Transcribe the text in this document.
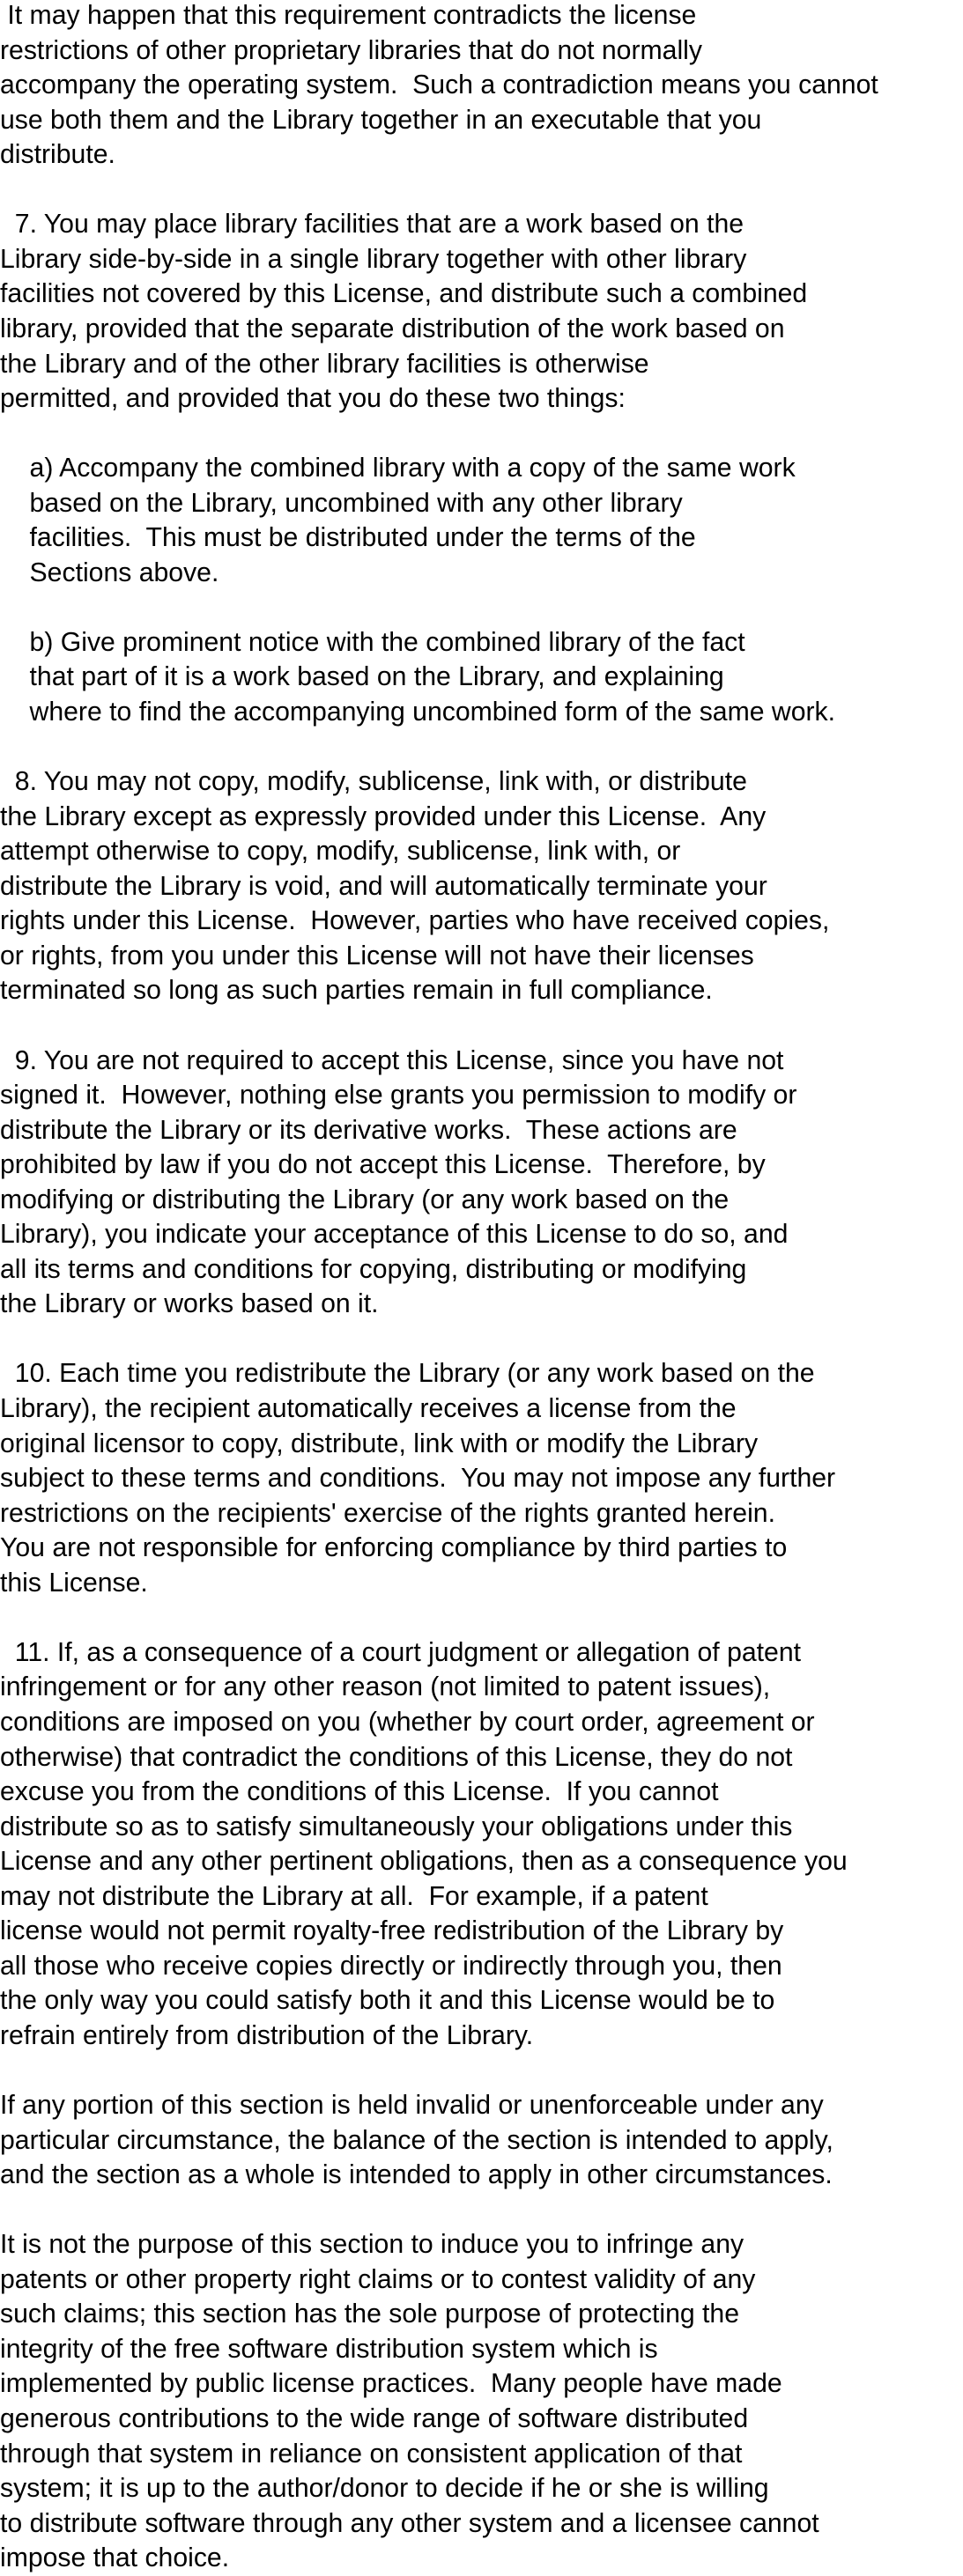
It may happen that this requirement contradicts the license
restrictions of other proprietary libraries that do not normally
accompany the operating system.  Such a contradiction means you cannot
use both them and the Library together in an executable that you
distribute.
7. You may place library facilities that are a work based on the
Library side-by-side in a single library together with other library
facilities not covered by this License, and distribute such a combined
library, provided that the separate distribution of the work based on
the Library and of the other library facilities is otherwise
permitted, and provided that you do these two things:
a) Accompany the combined library with a copy of the same work
based on the Library, uncombined with any other library
facilities.  This must be distributed under the terms of the
Sections above.
b) Give prominent notice with the combined library of the fact
that part of it is a work based on the Library, and explaining
where to find the accompanying uncombined form of the same work.
8. You may not copy, modify, sublicense, link with, or distribute
the Library except as expressly provided under this License.  Any
attempt otherwise to copy, modify, sublicense, link with, or
distribute the Library is void, and will automatically terminate your
rights under this License.  However, parties who have received copies,
or rights, from you under this License will not have their licenses
terminated so long as such parties remain in full compliance.
9. You are not required to accept this License, since you have not
signed it.  However, nothing else grants you permission to modify or
distribute the Library or its derivative works.  These actions are
prohibited by law if you do not accept this License.  Therefore, by
modifying or distributing the Library (or any work based on the
Library), you indicate your acceptance of this License to do so, and
all its terms and conditions for copying, distributing or modifying
the Library or works based on it.
10. Each time you redistribute the Library (or any work based on the
Library), the recipient automatically receives a license from the
original licensor to copy, distribute, link with or modify the Library
subject to these terms and conditions.  You may not impose any further
restrictions on the recipients' exercise of the rights granted herein.
You are not responsible for enforcing compliance by third parties to
this License.
11. If, as a consequence of a court judgment or allegation of patent
infringement or for any other reason (not limited to patent issues),
conditions are imposed on you (whether by court order, agreement or
otherwise) that contradict the conditions of this License, they do not
excuse you from the conditions of this License.  If you cannot
distribute so as to satisfy simultaneously your obligations under this
License and any other pertinent obligations, then as a consequence you
may not distribute the Library at all.  For example, if a patent
license would not permit royalty-free redistribution of the Library by
all those who receive copies directly or indirectly through you, then
the only way you could satisfy both it and this License would be to
refrain entirely from distribution of the Library.
If any portion of this section is held invalid or unenforceable under any
particular circumstance, the balance of the section is intended to apply,
and the section as a whole is intended to apply in other circumstances.
It is not the purpose of this section to induce you to infringe any
patents or other property right claims or to contest validity of any
such claims; this section has the sole purpose of protecting the
integrity of the free software distribution system which is
implemented by public license practices.  Many people have made
generous contributions to the wide range of software distributed
through that system in reliance on consistent application of that
system; it is up to the author/donor to decide if he or she is willing
to distribute software through any other system and a licensee cannot
impose that choice.
